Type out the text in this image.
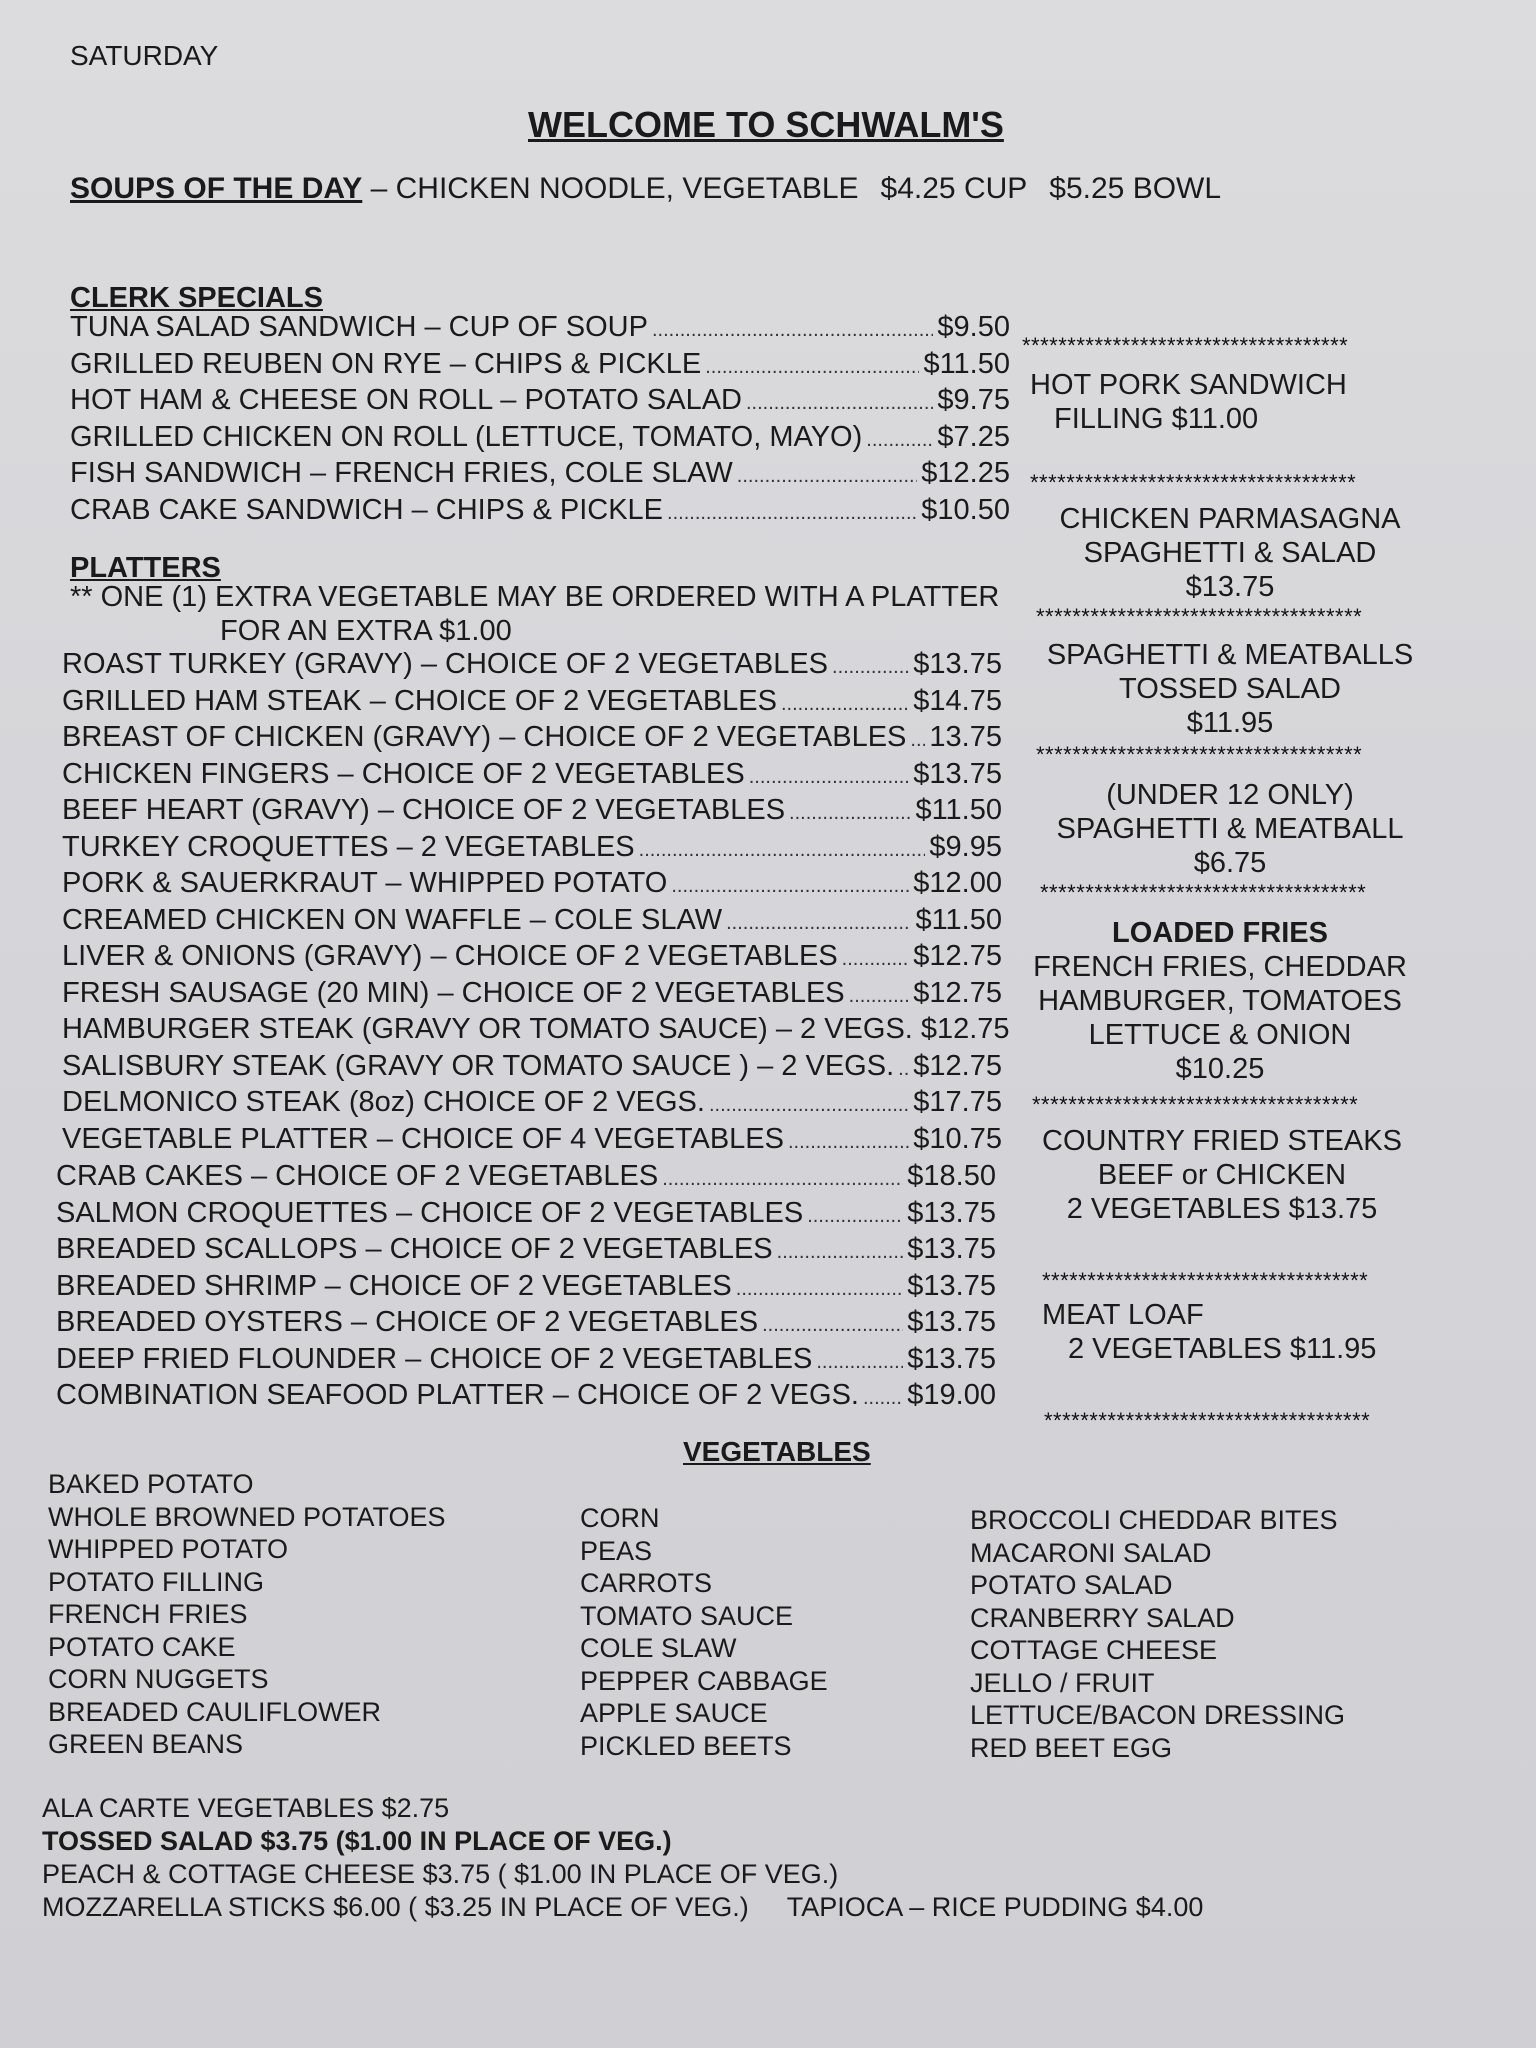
SATURDAY
WELCOME TO SCHWALM'S
SOUPS OF THE DAY – CHICKEN NOODLE, VEGETABLE $4.25 CUP $5.25 BOWL
CLERK SPECIALS
TUNA SALAD SANDWICH – CUP OF SOUP .....	$9.50
GRILLED REUBEN ON RYE – CHIPS & PICKLE .....	$11.50
HOT HAM & CHEESE ON ROLL – POTATO SALAD .....	$9.75
GRILLED CHICKEN ON ROLL (LETTUCE, TOMATO, MAYO) .....	$7.25
FISH SANDWICH – FRENCH FRIES, COLE SLAW .....	$12.25
CRAB CAKE SANDWICH – CHIPS & PICKLE .....	$10.50
PLATTERS
** ONE (1) EXTRA VEGETABLE MAY BE ORDERED WITH A PLATTER
FOR AN EXTRA $1.00
ROAST TURKEY (GRAVY) – CHOICE OF 2 VEGETABLES .....	$13.75
GRILLED HAM STEAK – CHOICE OF 2 VEGETABLES .....	$14.75
BREAST OF CHICKEN (GRAVY) – CHOICE OF 2 VEGETABLES ..... 13.75
CHICKEN FINGERS – CHOICE OF 2 VEGETABLES .....	$13.75
BEEF HEART (GRAVY) – CHOICE OF 2 VEGETABLES .....	$11.50
TURKEY CROQUETTES – 2 VEGETABLES .....	$9.95
PORK & SAUERKRAUT – WHIPPED POTATO .....	$12.00
CREAMED CHICKEN ON WAFFLE – COLE SLAW .....	$11.50
LIVER & ONIONS (GRAVY) – CHOICE OF 2 VEGETABLES .....	$12.75
FRESH SAUSAGE (20 MIN) – CHOICE OF 2 VEGETABLES ..... $12.75
HAMBURGER STEAK (GRAVY OR TOMATO SAUCE) – 2 VEGS. $12.75
SALISBURY STEAK (GRAVY OR TOMATO SAUCE ) – 2 VEGS. ..... $12.75
DELMONICO STEAK (8oz) CHOICE OF 2 VEGS. .....	$17.75
VEGETABLE PLATTER – CHOICE OF 4 VEGETABLES .....	$10.75
CRAB CAKES – CHOICE OF 2 VEGETABLES .....	$18.50
SALMON CROQUETTES – CHOICE OF 2 VEGETABLES .....	$13.75
BREADED SCALLOPS – CHOICE OF 2 VEGETABLES .....	$13.75
BREADED SHRIMP – CHOICE OF 2 VEGETABLES .....	$13.75
BREADED OYSTERS – CHOICE OF 2 VEGETABLES .....	$13.75
DEEP FRIED FLOUNDER – CHOICE OF 2 VEGETABLES .....	$13.75
COMBINATION SEAFOOD PLATTER – CHOICE OF 2 VEGS. ..... $19.00
************************************
HOT PORK SANDWICH
FILLING $11.00
************************************
CHICKEN PARMASAGNA
SPAGHETTI & SALAD
$13.75
************************************
SPAGHETTI & MEATBALLS
TOSSED SALAD
$11.95
************************************
(UNDER 12 ONLY)
SPAGHETTI & MEATBALL
$6.75
************************************
LOADED FRIES
FRENCH FRIES, CHEDDAR
HAMBURGER, TOMATOES
LETTUCE & ONION
$10.25
************************************
COUNTRY FRIED STEAKS
BEEF or CHICKEN
2 VEGETABLES $13.75
************************************
MEAT LOAF
2 VEGETABLES $11.95
************************************
VEGETABLES
BAKED POTATO
WHOLE BROWNED POTATOES
WHIPPED POTATO
POTATO FILLING
FRENCH FRIES
POTATO CAKE
CORN NUGGETS
BREADED CAULIFLOWER
GREEN BEANS
CORN
PEAS
CARROTS
TOMATO SAUCE
COLE SLAW
PEPPER CABBAGE
APPLE SAUCE
PICKLED BEETS
BROCCOLI CHEDDAR BITES
MACARONI SALAD
POTATO SALAD
CRANBERRY SALAD
COTTAGE CHEESE
JELLO / FRUIT
LETTUCE/BACON DRESSING
RED BEET EGG
ALA CARTE VEGETABLES $2.75
TOSSED SALAD $3.75 ($1.00 IN PLACE OF VEG.)
PEACH & COTTAGE CHEESE $3.75 ( $1.00 IN PLACE OF VEG.)
MOZZARELLA STICKS $6.00 ( $3.25 IN PLACE OF VEG.) TAPIOCA – RICE PUDDING $4.00
